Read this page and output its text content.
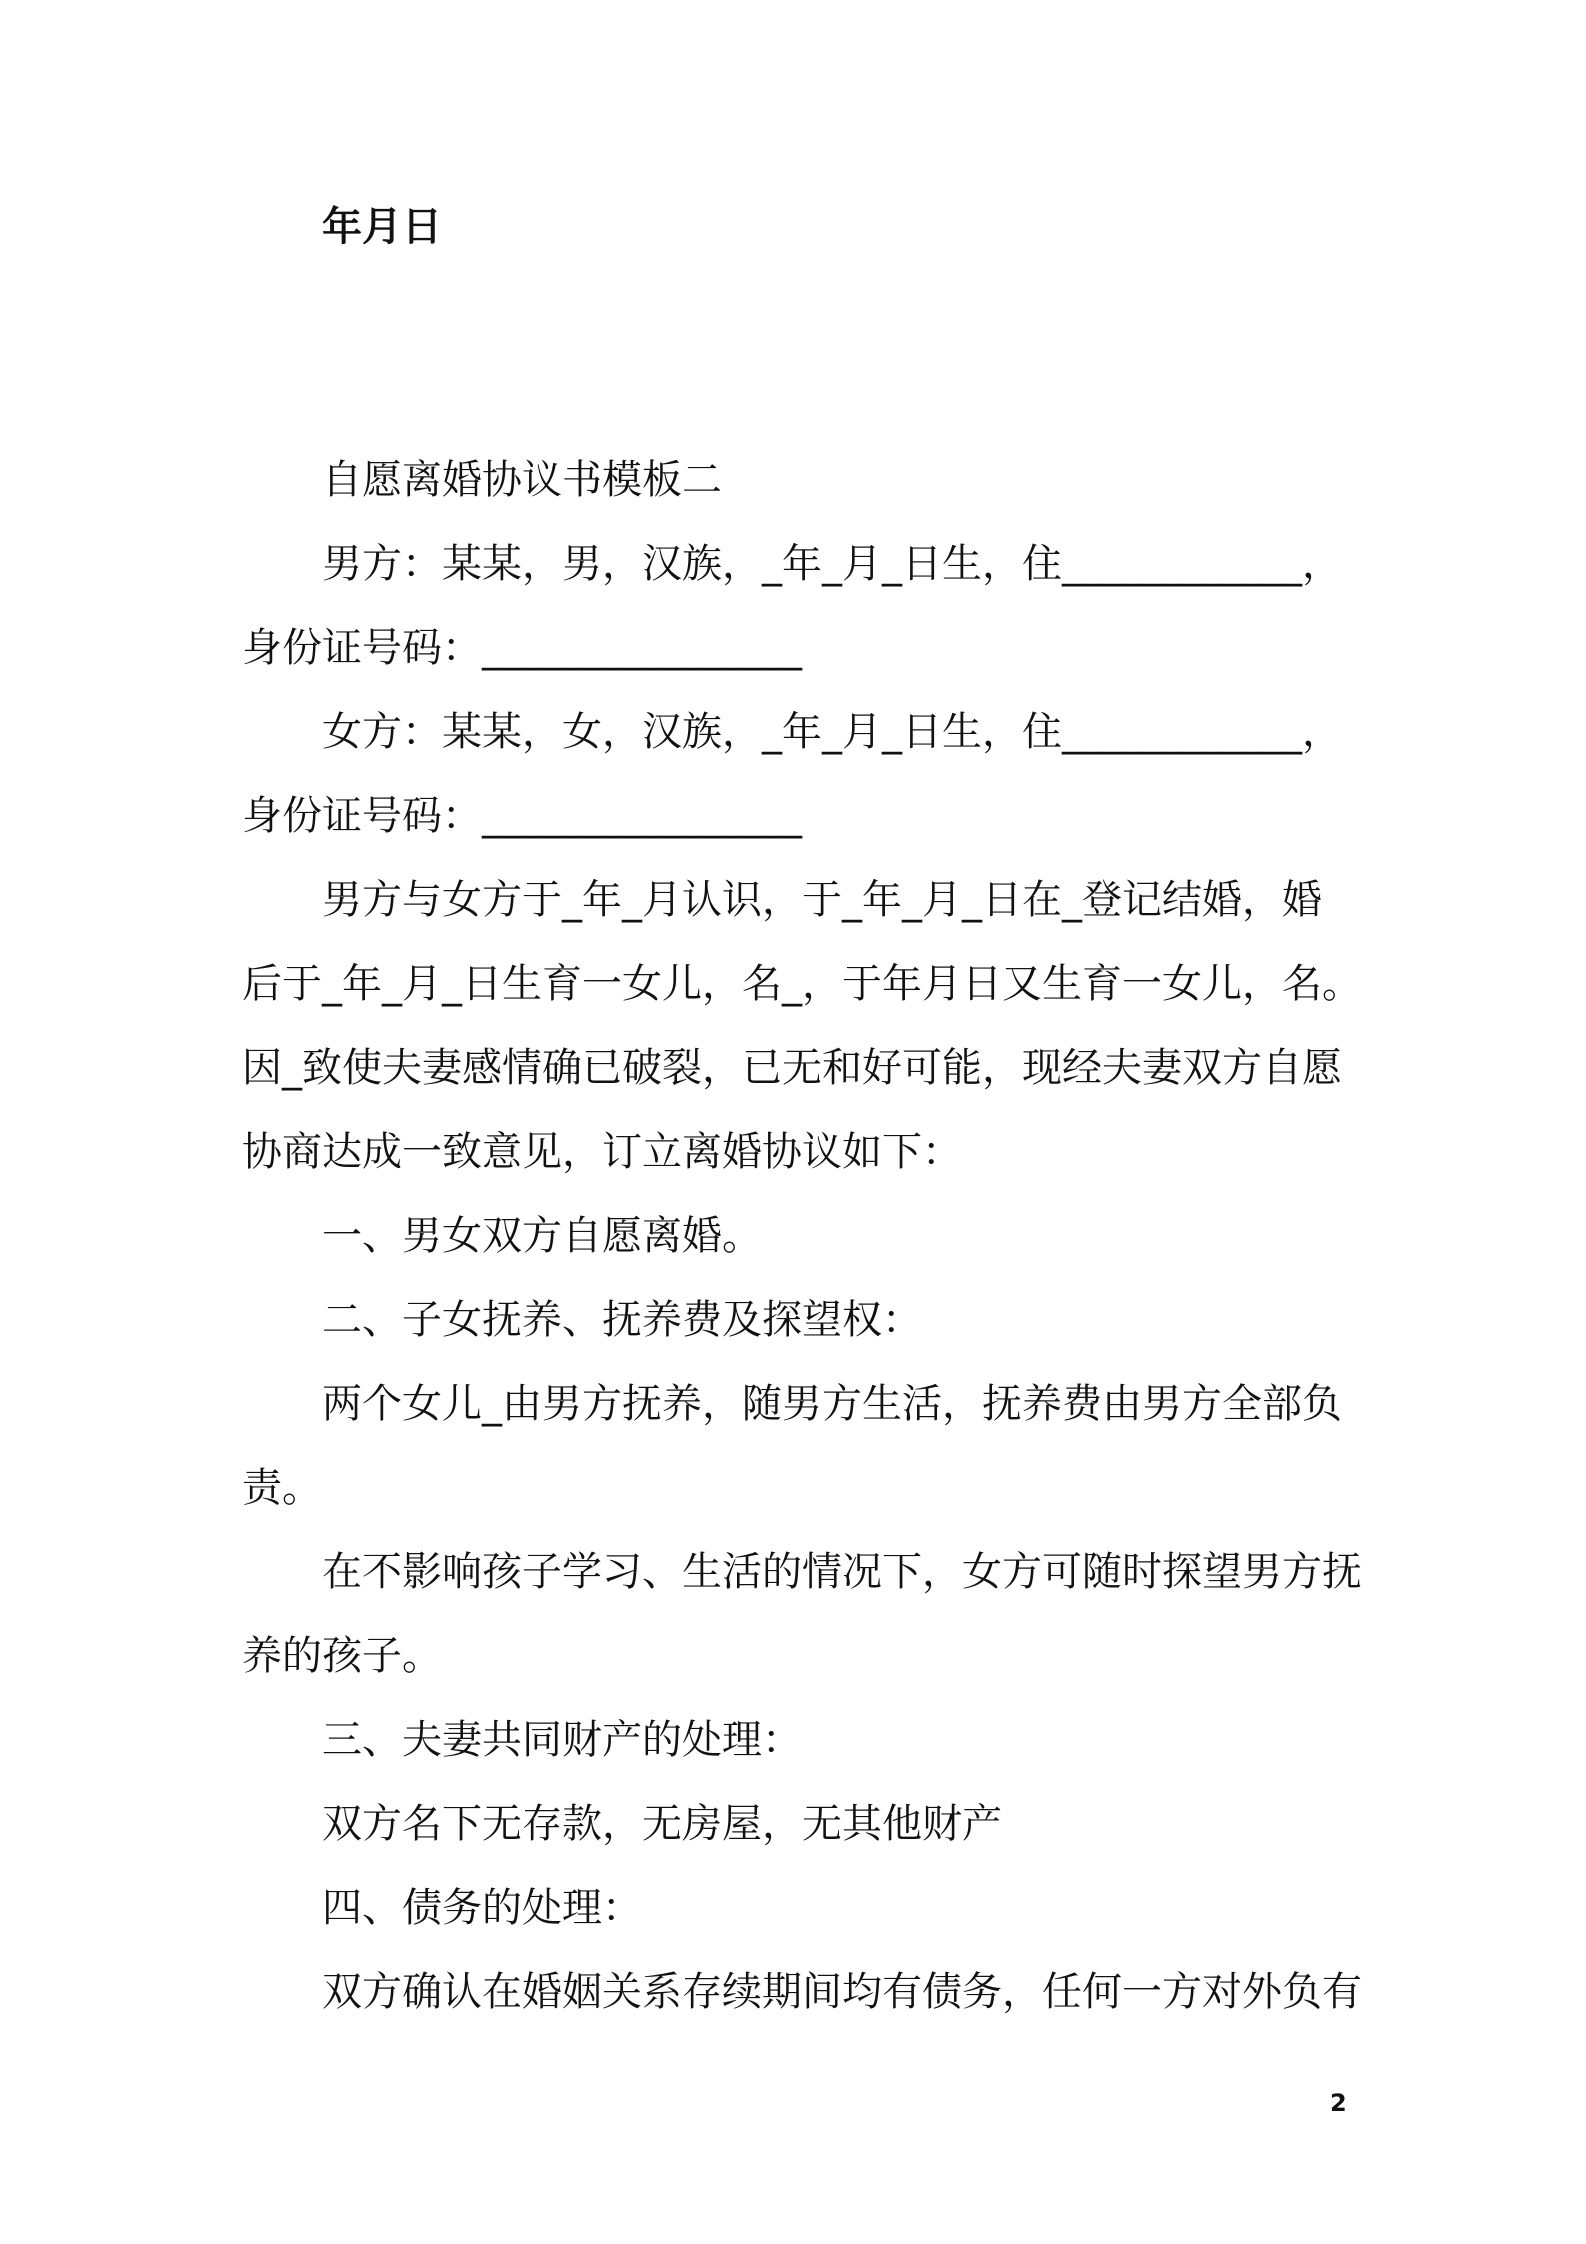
年月日
自愿离婚协议书模板二
男方：某某，男，汉族，_年_月_日生，住____________，
身份证号码：________________
女方：某某，女，汉族，_年_月_日生，住____________，
身份证号码：________________
男方与女方于_年_月认识，于_年_月_日在_登记结婚，婚
后于_年_月_日生育一女儿，名_，于年月日又生育一女儿，名。
因_致使夫妻感情确已破裂，已无和好可能，现经夫妻双方自愿
协商达成一致意见，订立离婚协议如下：
一、男女双方自愿离婚。
二、子女抚养、抚养费及探望权：
两个女儿_由男方抚养，随男方生活，抚养费由男方全部负
责。
在不影响孩子学习、生活的情况下，女方可随时探望男方抚
养的孩子。
三、夫妻共同财产的处理：
双方名下无存款，无房屋，无其他财产
四、债务的处理：
双方确认在婚姻关系存续期间均有债务，任何一方对外负有
2
